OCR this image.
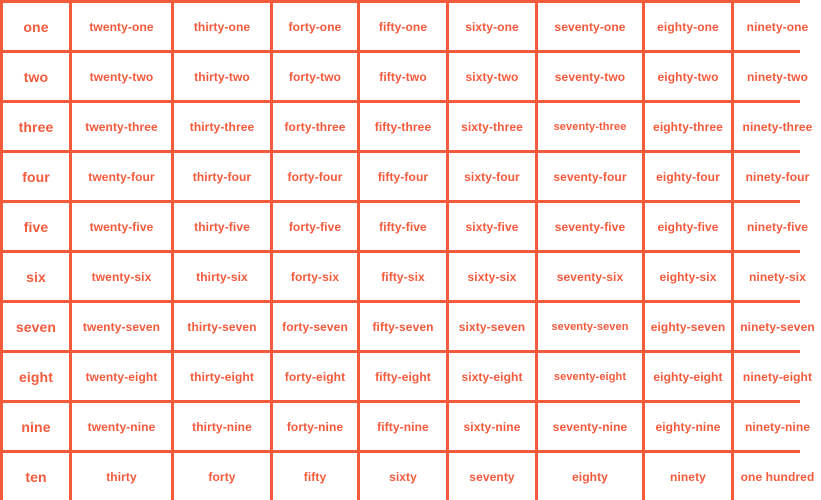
one	twenty-one	thirty-one	forty-one	fifty-one	sixty-one	seventy-one	eighty-one	ninety-one
two	twenty-two	thirty-two	forty-two	fifty-two	sixty-two	seventy-two	eighty-two	ninety-two
three	twenty-three	thirty-three	forty-three	fifty-three	sixty-three	seventy-three	eighty-three	ninety-three
four	twenty-four	thirty-four	forty-four	fifty-four	sixty-four	seventy-four	eighty-four	ninety-four
five	twenty-five	thirty-five	forty-five	fifty-five	sixty-five	seventy-five	eighty-five	ninety-five
six	twenty-six	thirty-six	forty-six	fifty-six	sixty-six	seventy-six	eighty-six	ninety-six
seven	twenty-seven	thirty-seven	forty-seven	fifty-seven	sixty-seven	seventy-seven	eighty-seven	ninety-seven
eight	twenty-eight	thirty-eight	forty-eight	fifty-eight	sixty-eight	seventy-eight	eighty-eight	ninety-eight
nine	twenty-nine	thirty-nine	forty-nine	fifty-nine	sixty-nine	seventy-nine	eighty-nine	ninety-nine
ten	thirty	forty	fifty	sixty	seventy	eighty	ninety	one hundred
